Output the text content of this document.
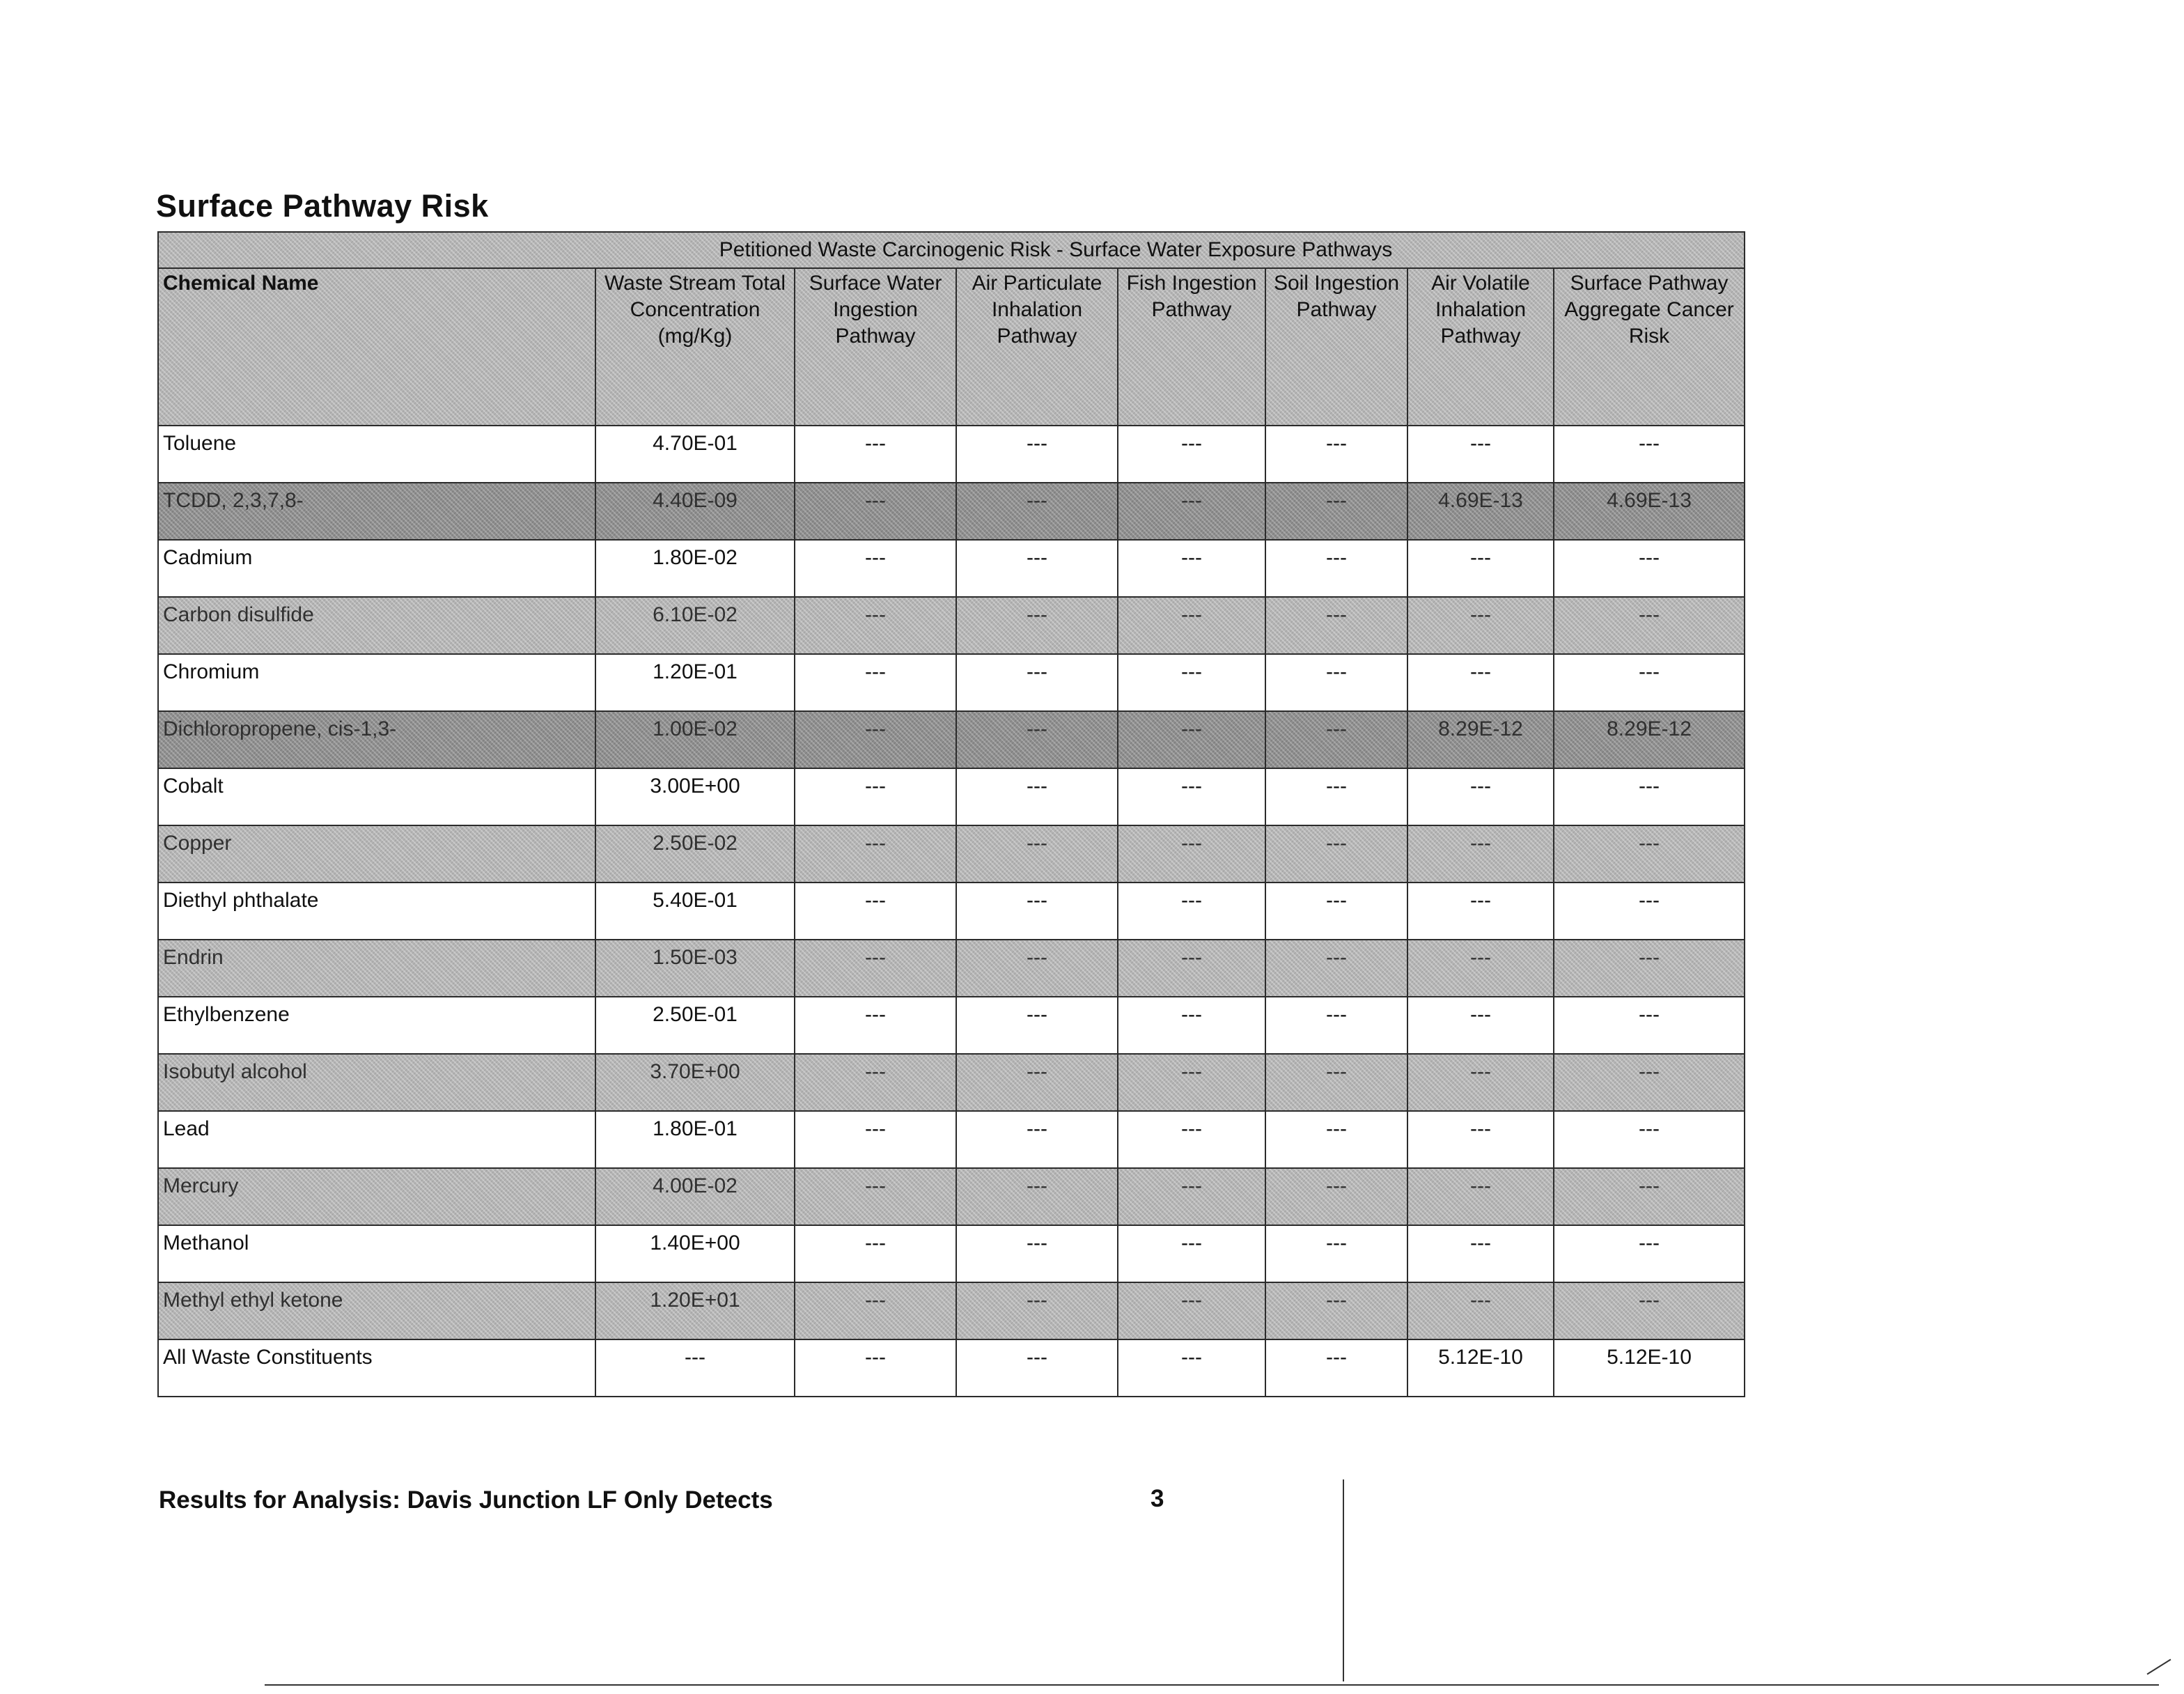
Surface Pathway Risk
Petitioned Waste Carcinogenic Risk - Surface Water Exposure Pathways							
Chemical Name	Waste Stream Total Concentration (mg/Kg)	Surface Water Ingestion Pathway	Air Particulate Inhalation Pathway	Fish Ingestion Pathway	Soil Ingestion Pathway	Air Volatile Inhalation Pathway	Surface Pathway Aggregate Cancer Risk
Toluene	4.70E-01	---	---	---	---	---	---
TCDD, 2,3,7,8-	4.40E-09	---	---	---	---	4.69E-13	4.69E-13
Cadmium	1.80E-02	---	---	---	---	---	---
Carbon disulfide	6.10E-02	---	---	---	---	---	---
Chromium	1.20E-01	---	---	---	---	---	---
Dichloropropene, cis-1,3-	1.00E-02	---	---	---	---	8.29E-12	8.29E-12
Cobalt	3.00E+00	---	---	---	---	---	---
Copper	2.50E-02	---	---	---	---	---	---
Diethyl phthalate	5.40E-01	---	---	---	---	---	---
Endrin	1.50E-03	---	---	---	---	---	---
Ethylbenzene	2.50E-01	---	---	---	---	---	---
Isobutyl alcohol	3.70E+00	---	---	---	---	---	---
Lead	1.80E-01	---	---	---	---	---	---
Mercury	4.00E-02	---	---	---	---	---	---
Methanol	1.40E+00	---	---	---	---	---	---
Methyl ethyl ketone	1.20E+01	---	---	---	---	---	---
All Waste Constituents	---	---	---	---	---	5.12E-10	5.12E-10
Results for Analysis: Davis Junction LF Only Detects	3
